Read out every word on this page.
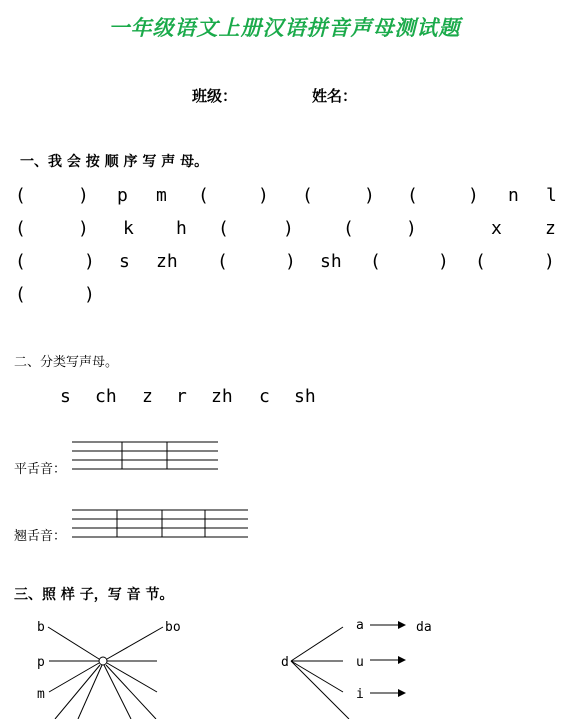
一年级语文上册汉语拼音声母测试题
班级：	姓名：
一、我 会 按 顺 序 写 声 母。
(	) p m (	) (	) (	) n l
(	) k h (	)	(	)	x z
(	) s zh (	) sh (	) (	)
(	)
二、分类写声母。
s ch z r zh c sh
平舌音：
翘舌音：
三、照 样 子，写 音 节。
b
p
m
bo
d
a
u
i
da
